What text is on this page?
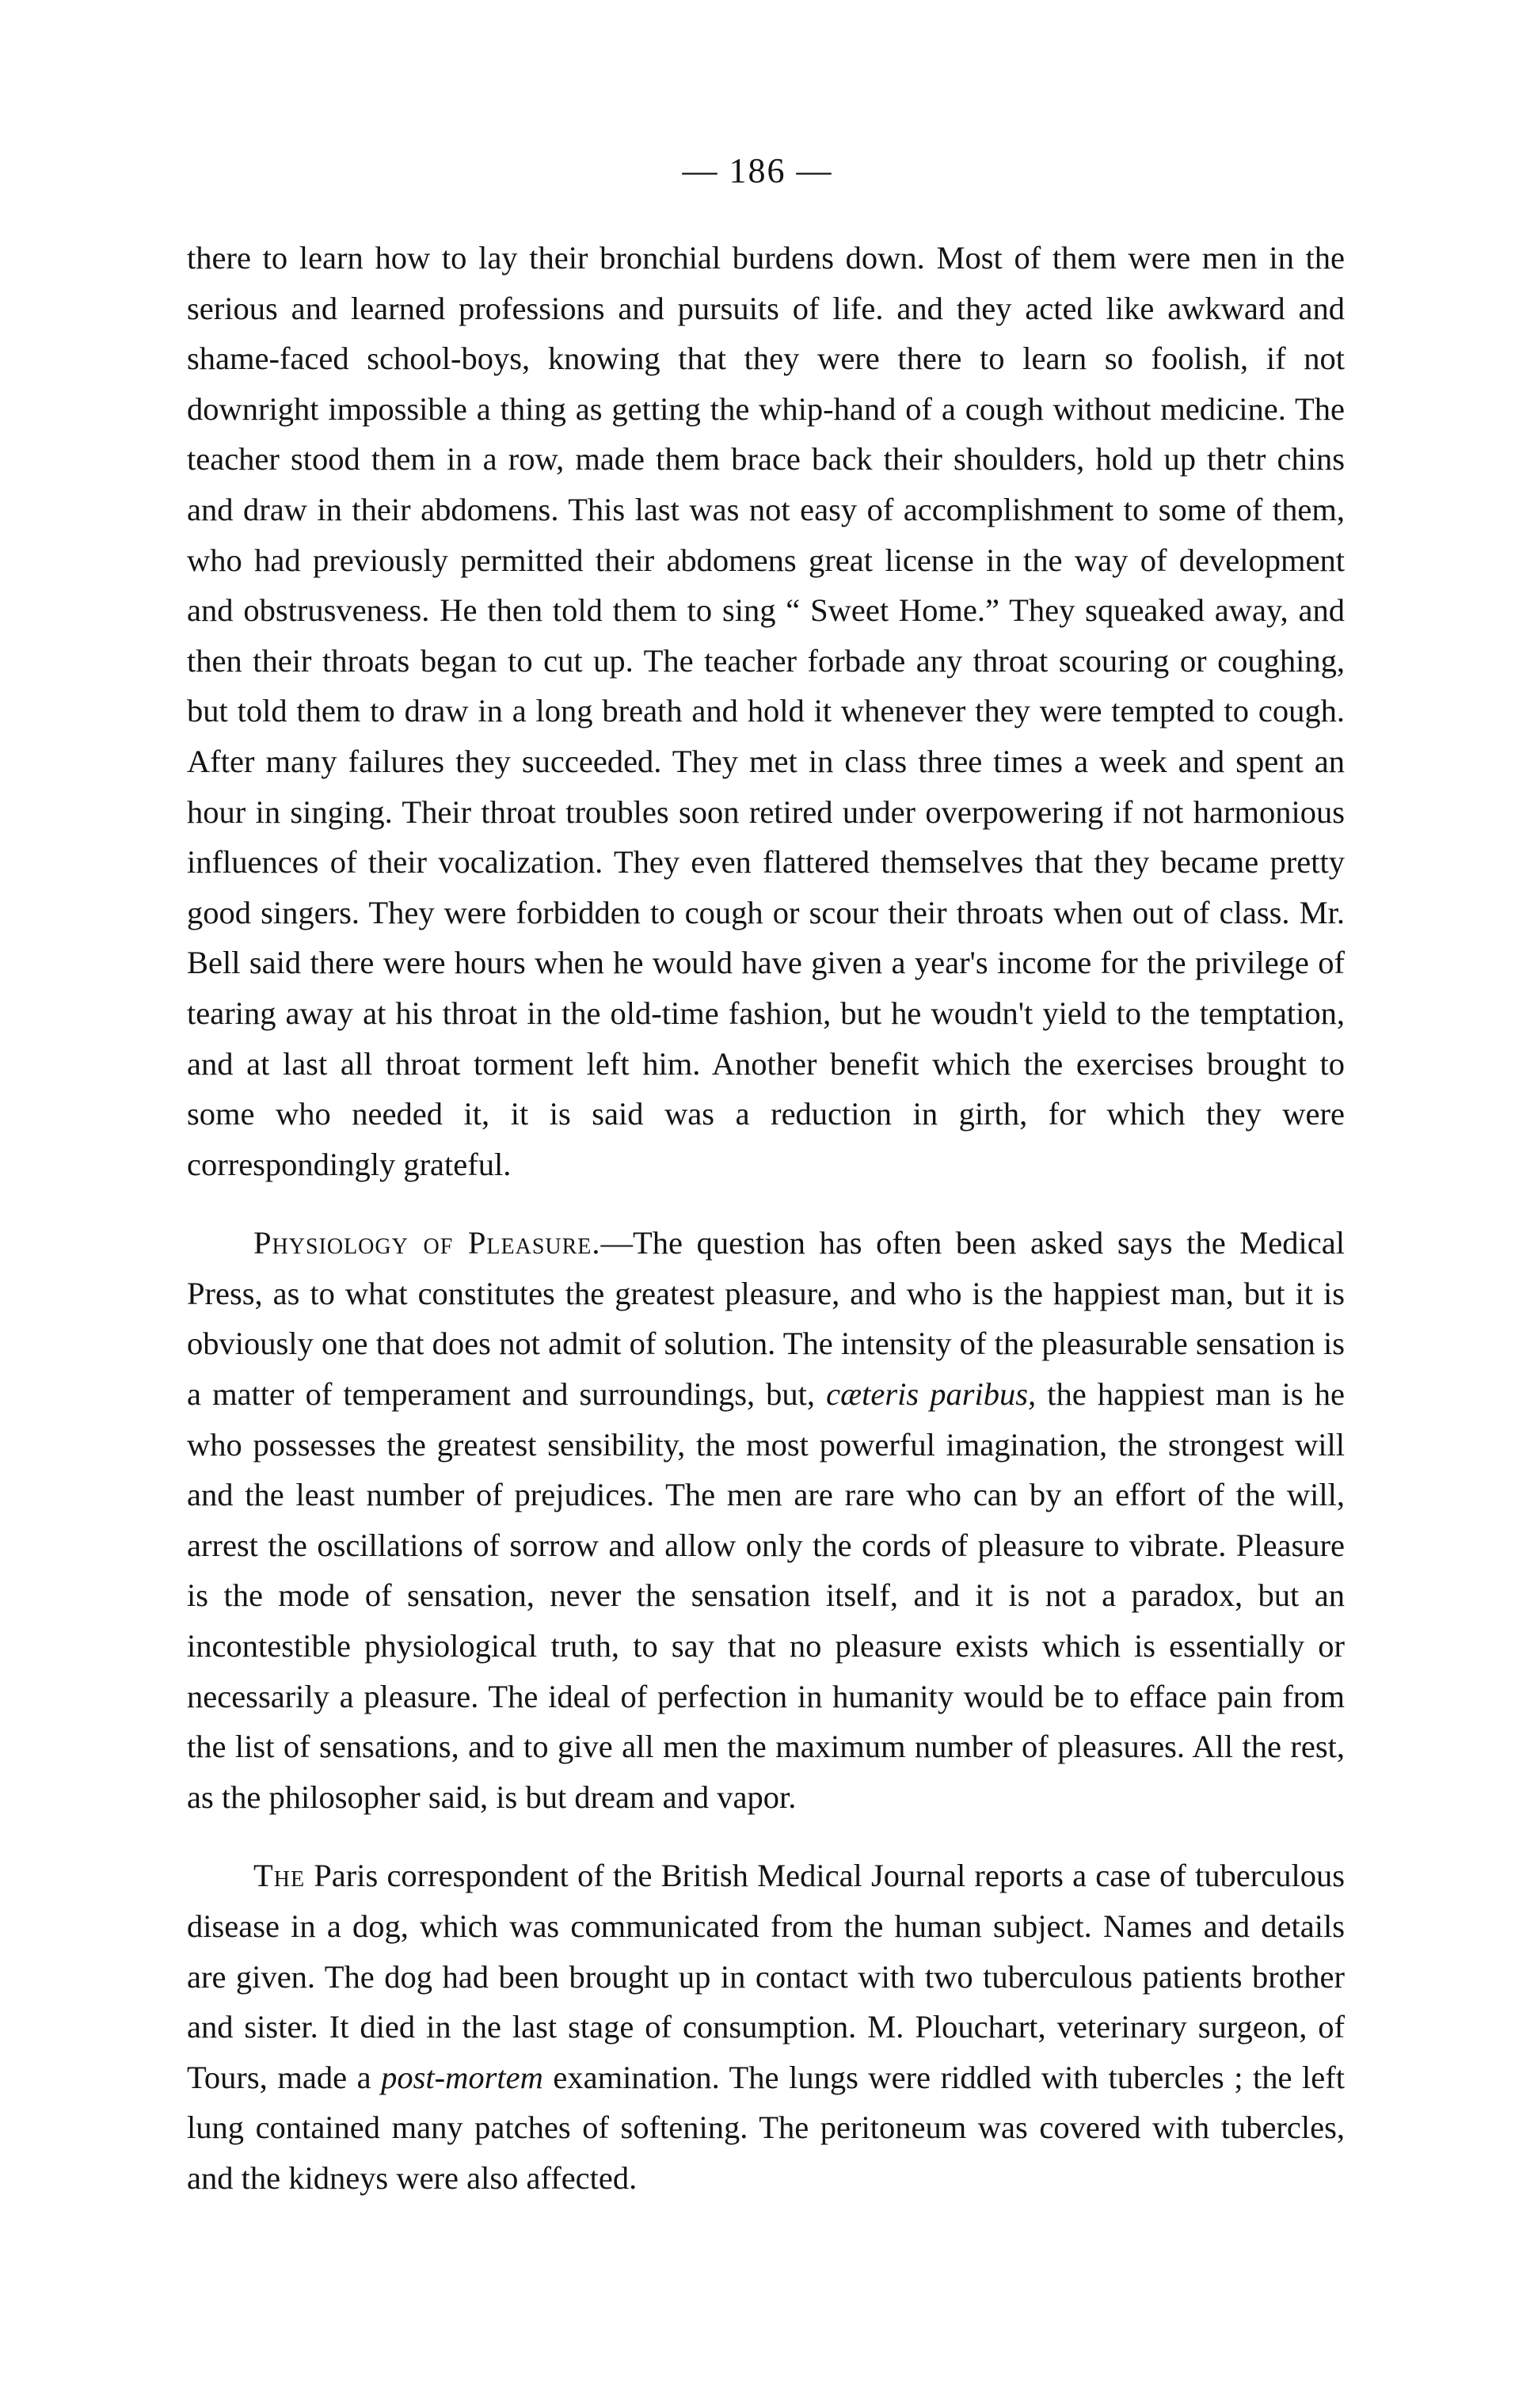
— 186 —

there to learn how to lay their bronchial burdens down. Most of them were men in the serious and learned professions and pursuits of life. and they acted like awkward and shame-faced school-boys, knowing that they were there to learn so foolish, if not downright impossible a thing as getting the whip-hand of a cough without medicine. The teacher stood them in a row, made them brace back their shoulders, hold up thetr chins and draw in their abdomens. This last was not easy of accomplishment to some of them, who had previously permitted their abdomens great license in the way of development and obstrusveness. He then told them to sing “ Sweet Home.” They squeaked away, and then their throats began to cut up. The teacher forbade any throat scouring or coughing, but told them to draw in a long breath and hold it whenever they were tempted to cough. After many failures they succeeded. They met in class three times a week and spent an hour in singing. Their throat troubles soon retired under overpowering if not harmonious influences of their vocalization. They even flattered themselves that they became pretty good singers. They were forbidden to cough or scour their throats when out of class. Mr. Bell said there were hours when he would have given a year's income for the privilege of tearing away at his throat in the old-time fashion, but he woudn't yield to the temptation, and at last all throat torment left him. Another benefit which the exercises brought to some who needed it, it is said was a reduction in girth, for which they were correspondingly grateful.

Physiology of Pleasure.—The question has often been asked says the Medical Press, as to what constitutes the greatest pleasure, and who is the happiest man, but it is obviously one that does not admit of solution. The intensity of the pleasurable sensation is a matter of temperament and surroundings, but, cæteris paribus, the happiest man is he who possesses the greatest sensibility, the most powerful imagination, the strongest will and the least number of prejudices. The men are rare who can by an effort of the will, arrest the oscillations of sorrow and allow only the cords of pleasure to vibrate. Pleasure is the mode of sensation, never the sensation itself, and it is not a paradox, but an incontestible physiological truth, to say that no pleasure exists which is essentially or necessarily a pleasure. The ideal of perfection in humanity would be to efface pain from the list of sensations, and to give all men the maximum number of pleasures. All the rest, as the philosopher said, is but dream and vapor.

The Paris correspondent of the British Medical Journal reports a case of tuberculous disease in a dog, which was communicated from the human subject. Names and details are given. The dog had been brought up in contact with two tuberculous patients brother and sister. It died in the last stage of consumption. M. Plouchart, veterinary surgeon, of Tours, made a post-mortem examination. The lungs were riddled with tubercles ; the left lung contained many patches of softening. The peritoneum was covered with tubercles, and the kidneys were also affected.
